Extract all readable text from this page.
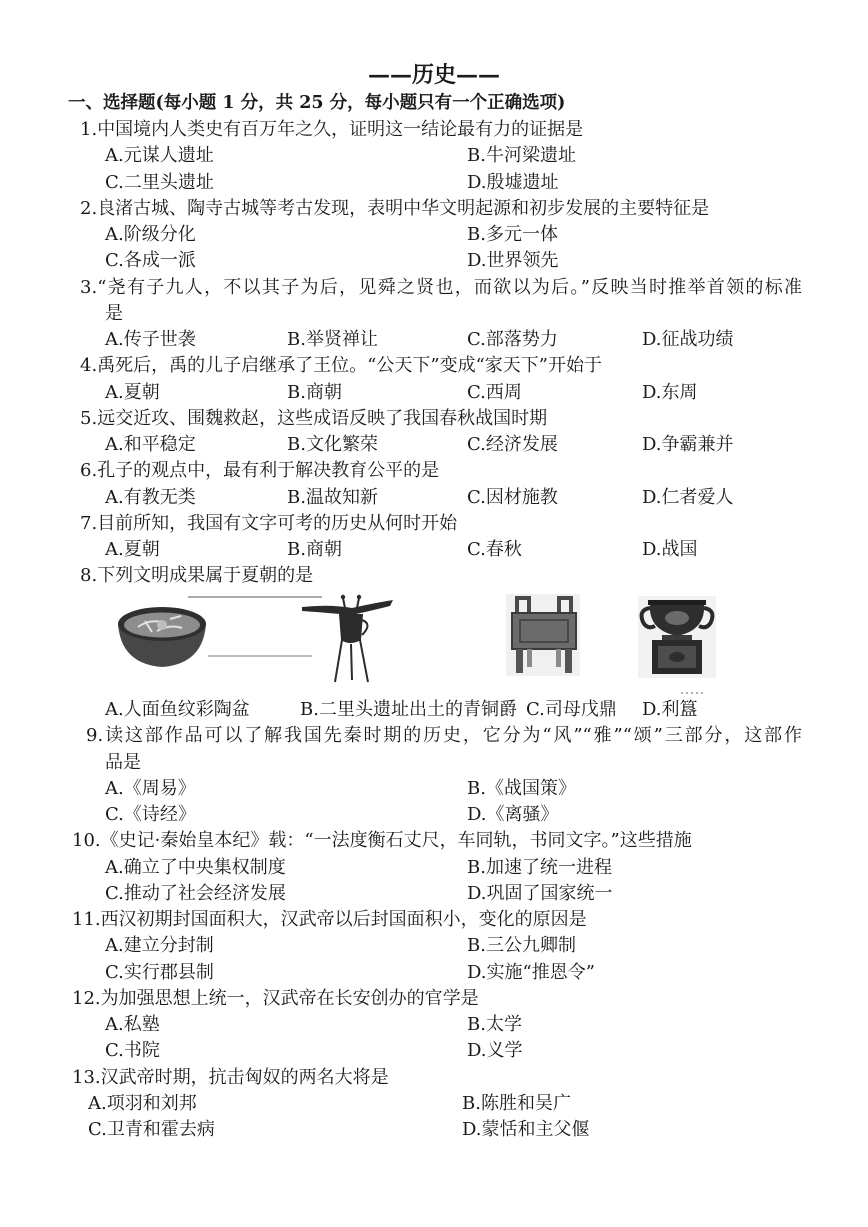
——历史——
一、选择题(每小题 1 分，共 25 分，每小题只有一个正确选项)
1.中国境内人类史有百万年之久，证明这一结论最有力的证据是
A.元谋人遗址	B.牛河梁遗址
C.二里头遗址	D.殷墟遗址
2.良渚古城、陶寺古城等考古发现，表明中华文明起源和初步发展的主要特征是
A.阶级分化	B.多元一体
C.各成一派	D.世界领先
3.“尧有子九人，不以其子为后，见舜之贤也，而欲以为后。”反映当时推举首领的标准
是
A.传子世袭	B.举贤禅让	C.部落势力	D.征战功绩
4.禹死后，禹的儿子启继承了王位。“公天下”变成“家天下”开始于
A.夏朝	B.商朝	C.西周	D.东周
5.远交近攻、围魏救赵，这些成语反映了我国春秋战国时期
A.和平稳定	B.文化繁荣	C.经济发展	D.争霸兼并
6.孔子的观点中，最有利于解决教育公平的是
A.有教无类	B.温故知新	C.因材施教	D.仁者爱人
7.目前所知，我国有文字可考的历史从何时开始
A.夏朝	B.商朝	C.春秋	D.战国
8.下列文明成果属于夏朝的是
A.人面鱼纹彩陶盆	B.二里头遗址出土的青铜爵 C.司母戊鼎 D.利簋
9.读这部作品可以了解我国先秦时期的历史，它分为“风”“雅”“颂”三部分，这部作
品是
A.《周易》	B.《战国策》
C.《诗经》	D.《离骚》
10.《史记·秦始皇本纪》载：“一法度衡石丈尺，车同轨，书同文字。”这些措施
A.确立了中央集权制度	B.加速了统一进程
C.推动了社会经济发展	D.巩固了国家统一
11.西汉初期封国面积大，汉武帝以后封国面积小，变化的原因是
A.建立分封制	B.三公九卿制
C.实行郡县制	D.实施“推恩令”
12.为加强思想上统一，汉武帝在长安创办的官学是
A.私塾	B.太学
C.书院	D.义学
13.汉武帝时期，抗击匈奴的两名大将是
A.项羽和刘邦	B.陈胜和吴广
C.卫青和霍去病	D.蒙恬和主父偃
